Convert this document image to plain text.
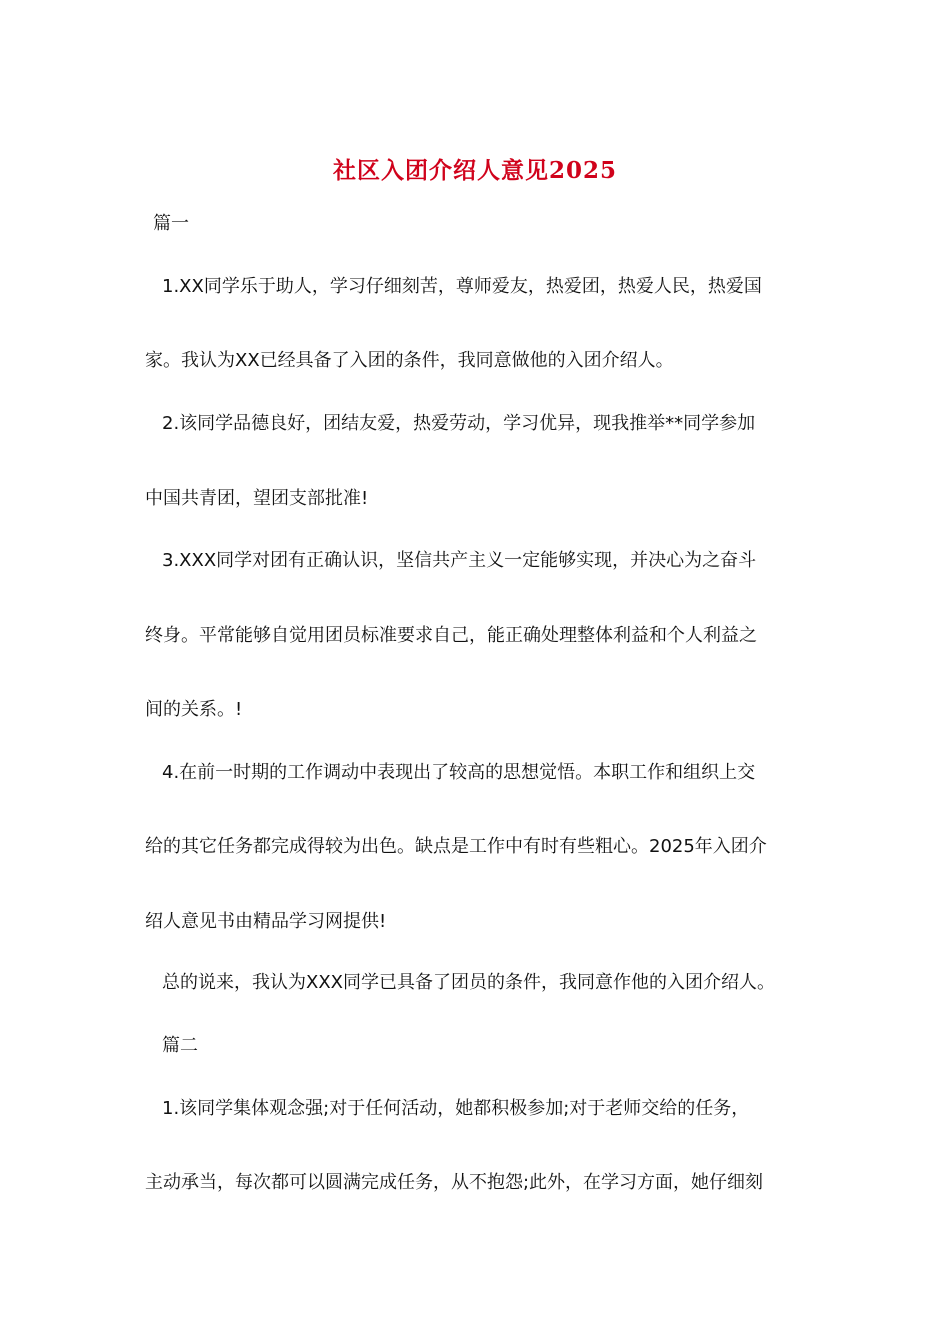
社区入团介绍人意见2025
篇一
1.XX同学乐于助人，学习仔细刻苦，尊师爱友，热爱团，热爱人民，热爱国
家。我认为XX已经具备了入团的条件，我同意做他的入团介绍人。
2.该同学品德良好，团结友爱，热爱劳动，学习优异，现我推举**同学参加
中国共青团，望团支部批准!
3.XXX同学对团有正确认识，坚信共产主义一定能够实现，并决心为之奋斗
终身。平常能够自觉用团员标准要求自己，能正确处理整体利益和个人利益之
间的关系。!
4.在前一时期的工作调动中表现出了较高的思想觉悟。本职工作和组织上交
给的其它任务都完成得较为出色。缺点是工作中有时有些粗心。2025年入团介
绍人意见书由精品学习网提供!
总的说来，我认为XXX同学已具备了团员的条件，我同意作他的入团介绍人。
篇二
1.该同学集体观念强;对于任何活动，她都积极参加;对于老师交给的任务，
主动承当，每次都可以圆满完成任务，从不抱怨;此外，在学习方面，她仔细刻
